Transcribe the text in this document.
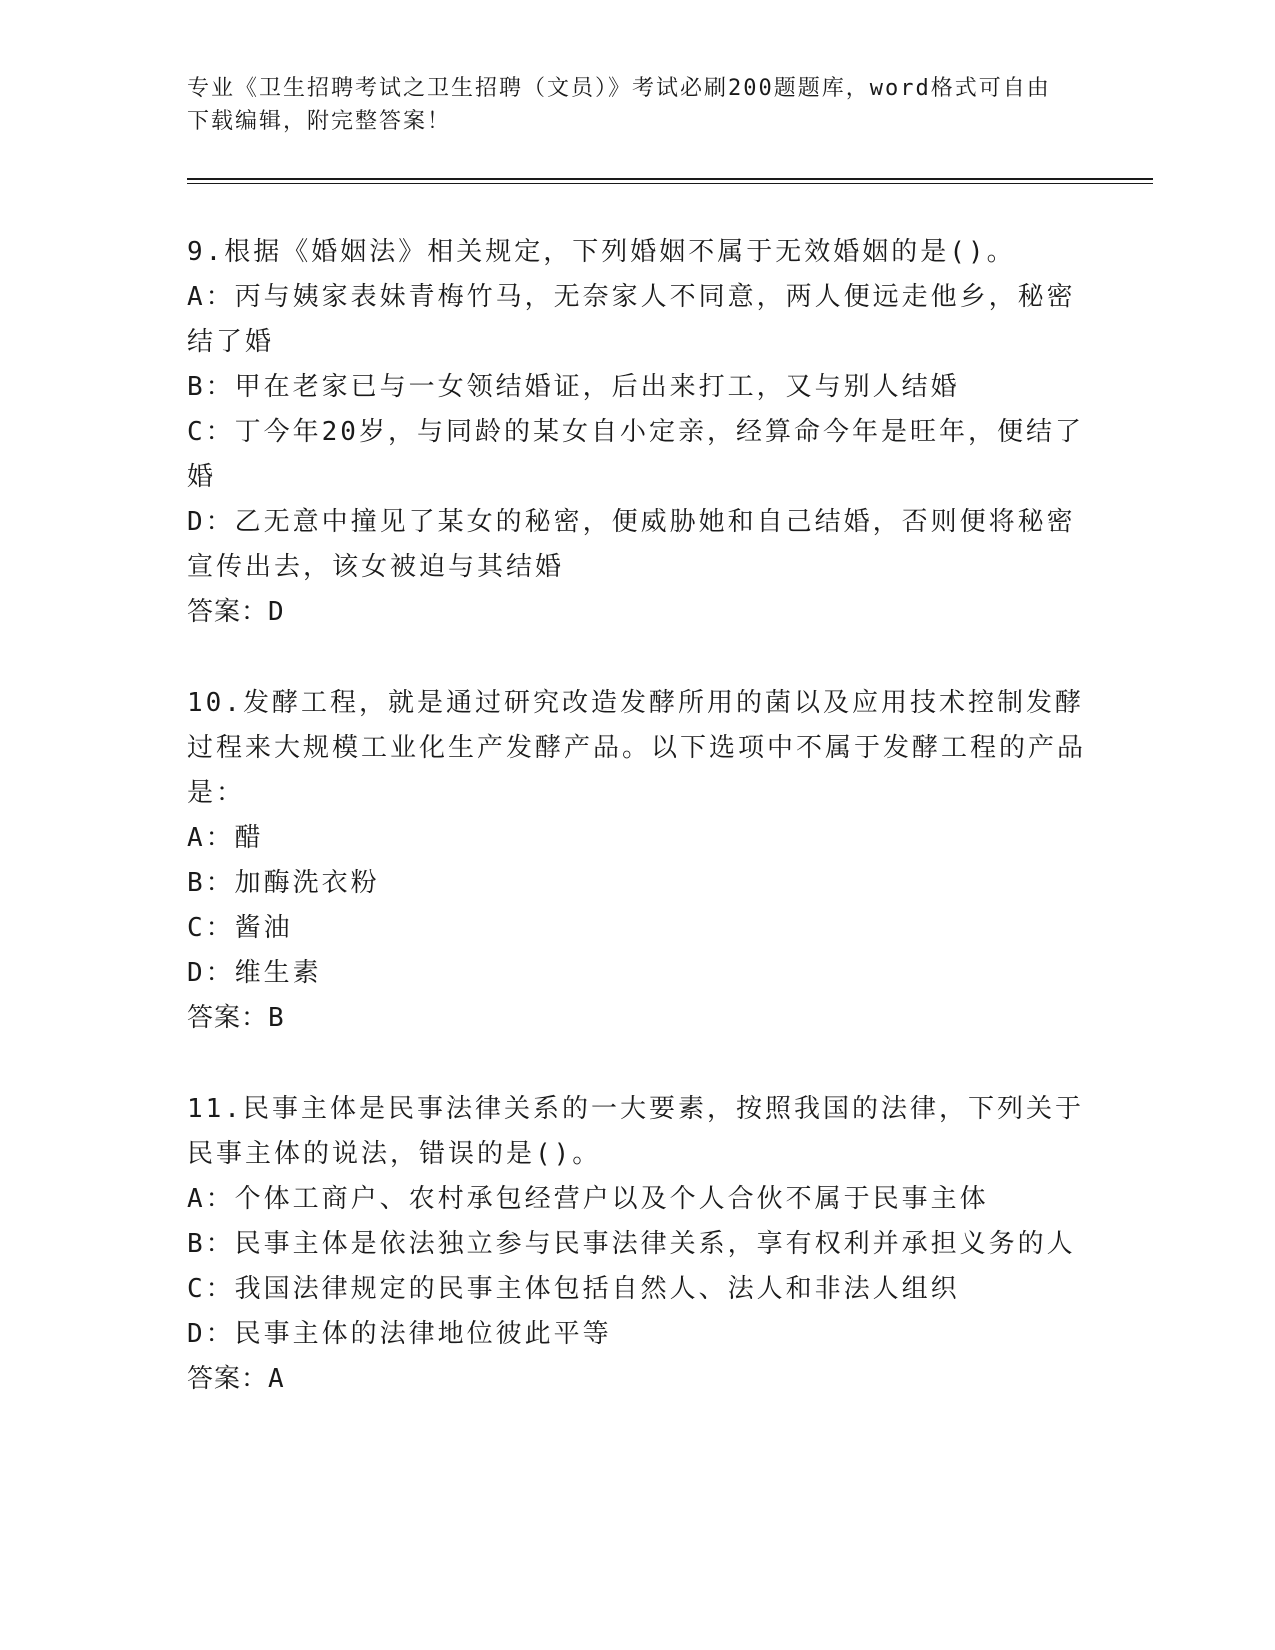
专业《卫生招聘考试之卫生招聘（文员）》考试必刷200题题库，word格式可自由下载编辑，附完整答案！
9.根据《婚姻法》相关规定，下列婚姻不属于无效婚姻的是()。
A：丙与姨家表妹青梅竹马，无奈家人不同意，两人便远走他乡，秘密结了婚
B：甲在老家已与一女领结婚证，后出来打工，又与别人结婚
C：丁今年20岁，与同龄的某女自小定亲，经算命今年是旺年，便结了婚
D：乙无意中撞见了某女的秘密，便威胁她和自己结婚，否则便将秘密宣传出去，该女被迫与其结婚
答案：D
10.发酵工程，就是通过研究改造发酵所用的菌以及应用技术控制发酵过程来大规模工业化生产发酵产品。以下选项中不属于发酵工程的产品是：
A：醋
B：加酶洗衣粉
C：酱油
D：维生素
答案：B
11.民事主体是民事法律关系的一大要素，按照我国的法律，下列关于民事主体的说法，错误的是()。
A：个体工商户、农村承包经营户以及个人合伙不属于民事主体
B：民事主体是依法独立参与民事法律关系，享有权利并承担义务的人
C：我国法律规定的民事主体包括自然人、法人和非法人组织
D：民事主体的法律地位彼此平等
答案：A
